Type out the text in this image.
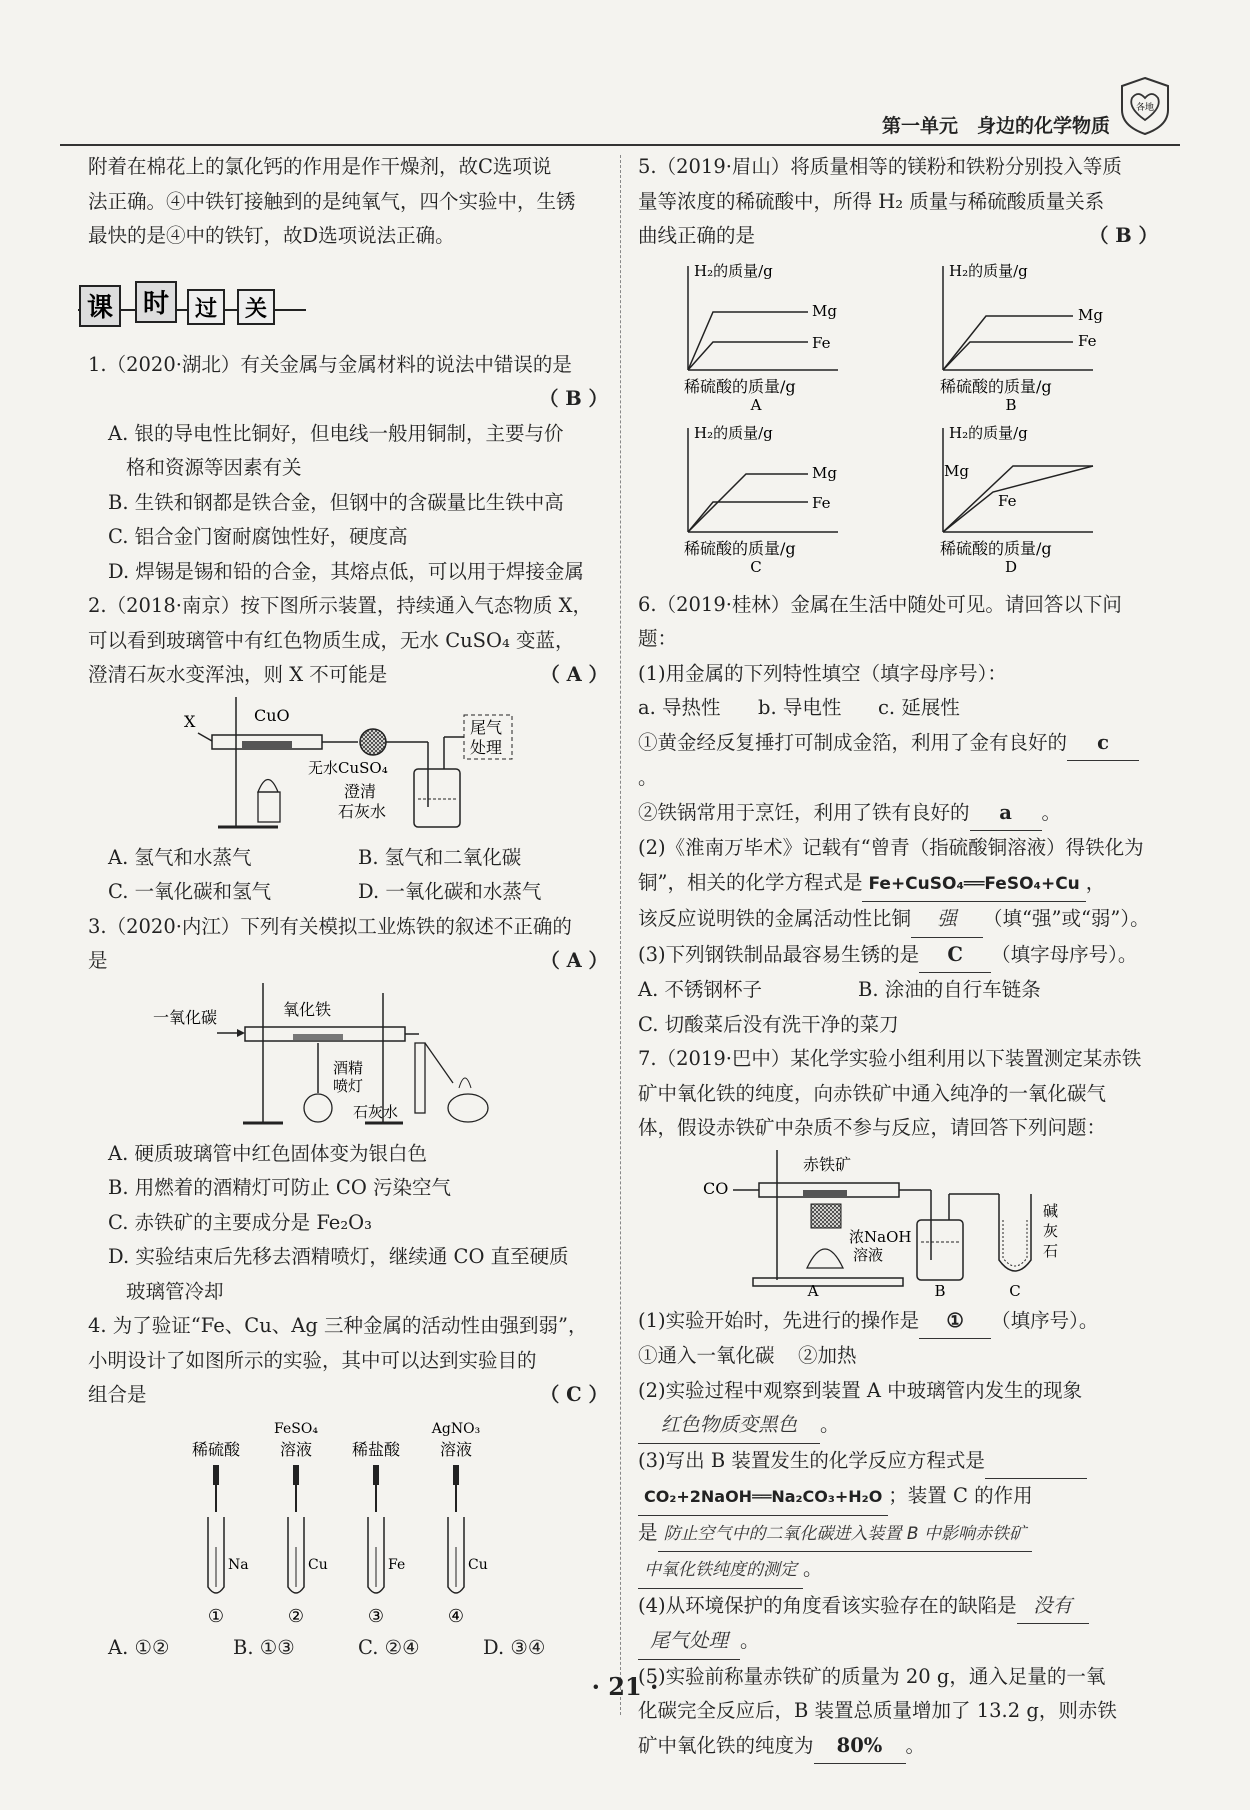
第一单元　身边的化学物质
各地

附着在棉花上的氯化钙的作用是作干燥剂，故C选项说

法正确。④中铁钉接触到的是纯氧气，四个实验中，生锈

最快的是④中的铁钉，故D选项说法正确。

课 时 过 关

1.（2020·湖北）有关金属与金属材料的说法中错误的是

（ B ）

A. 银的导电性比铜好，但电线一般用铜制，主要与价

格和资源等因素有关

B. 生铁和钢都是铁合金，但钢中的含碳量比生铁中高

C. 铝合金门窗耐腐蚀性好，硬度高

D. 焊锡是锡和铅的合金，其熔点低，可以用于焊接金属

2.（2018·南京）按下图所示装置，持续通入气态物质 X，

可以看到玻璃管中有红色物质生成，无水 CuSO₄ 变蓝，

澄清石灰水变浑浊，则 X 不可能是	（ A ）

X	CuO
尾气
处理
无水CuSO₄
澄清
石灰水
A. 氢气和水蒸气	B. 氢气和二氧化碳
C. 一氧化碳和氢气	D. 一氧化碳和水蒸气

3.（2020·内江）下列有关模拟工业炼铁的叙述不正确的

是	（ A ）

一氧化碳	氧化铁
酒精
喷灯
石灰水

A. 硬质玻璃管中红色固体变为银白色

B. 用燃着的酒精灯可防止 CO 污染空气

C. 赤铁矿的主要成分是 Fe₂O₃

D. 实验结束后先移去酒精喷灯，继续通 CO 直至硬质

玻璃管冷却

4. 为了验证“Fe、Cu、Ag 三种金属的活动性由强到弱”，

小明设计了如图所示的实验，其中可以达到实验目的

组合是	（ C ）

稀硫酸
Na
①
FeSO₄
溶液
Cu
②
稀盐酸
Fe
③
AgNO₃
溶液
Cu
④
A. ①②	B. ①③	C. ②④	D. ③④

5.（2019·眉山）将质量相等的镁粉和铁粉分别投入等质

量等浓度的稀硫酸中，所得 H₂ 质量与稀硫酸质量关系

曲线正确的是	（ B ）

H₂的质量/g
Mg
Fe
稀硫酸的质量/g
A
H₂的质量/g
Mg
Fe
稀硫酸的质量/g
B
H₂的质量/g
Mg
Fe
稀硫酸的质量/g
C
H₂的质量/g
Mg
Fe
稀硫酸的质量/g
D

6.（2019·桂林）金属在生活中随处可见。请回答以下问题：

(1)用金属的下列特性填空（填字母序号）：

a. 导热性	b. 导电性	c. 延展性

①黄金经反复捶打可制成金箔，利用了金有良好的 c。

②铁锅常用于烹饪，利用了铁有良好的 a 。

(2)《淮南万毕术》记载有“曾青（指硫酸铜溶液）得铁化为

铜”，相关的化学方程式是 Fe+CuSO₄══FeSO₄+Cu ，

该反应说明铁的金属活动性比铜 强 （填“强”或“弱”）。

(3)下列钢铁制品最容易生锈的是 C （填字母序号）。

A. 不锈钢杯子	B. 涂油的自行车链条

C. 切酸菜后没有洗干净的菜刀

7.（2019·巴中）某化学实验小组利用以下装置测定某赤铁

矿中氧化铁的纯度，向赤铁矿中通入纯净的一氧化碳气

体，假设赤铁矿中杂质不参与反应，请回答下列问题：

CO
赤铁矿
A
浓NaOH
溶液
B
碱
灰
石
C

(1)实验开始时，先进行的操作是 ① （填序号）。

①通入一氧化碳	②加热

(2)实验过程中观察到装置 A 中玻璃管内发生的现象

红色物质变黑色 。

(3)写出 B 装置发生的化学反应方程式是

CO₂+2NaOH══Na₂CO₃+H₂O ；装置 C 的作用

是 防止空气中的二氧化碳进入装置 B 中影响赤铁矿

中氧化铁纯度的测定 。

(4)从环境保护的角度看该实验存在的缺陷是 没有

尾气处理 。

(5)实验前称量赤铁矿的质量为 20 g，通入足量的一氧

化碳完全反应后，B 装置总质量增加了 13.2 g，则赤铁

矿中氧化铁的纯度为 80% 。

· 21 ·
